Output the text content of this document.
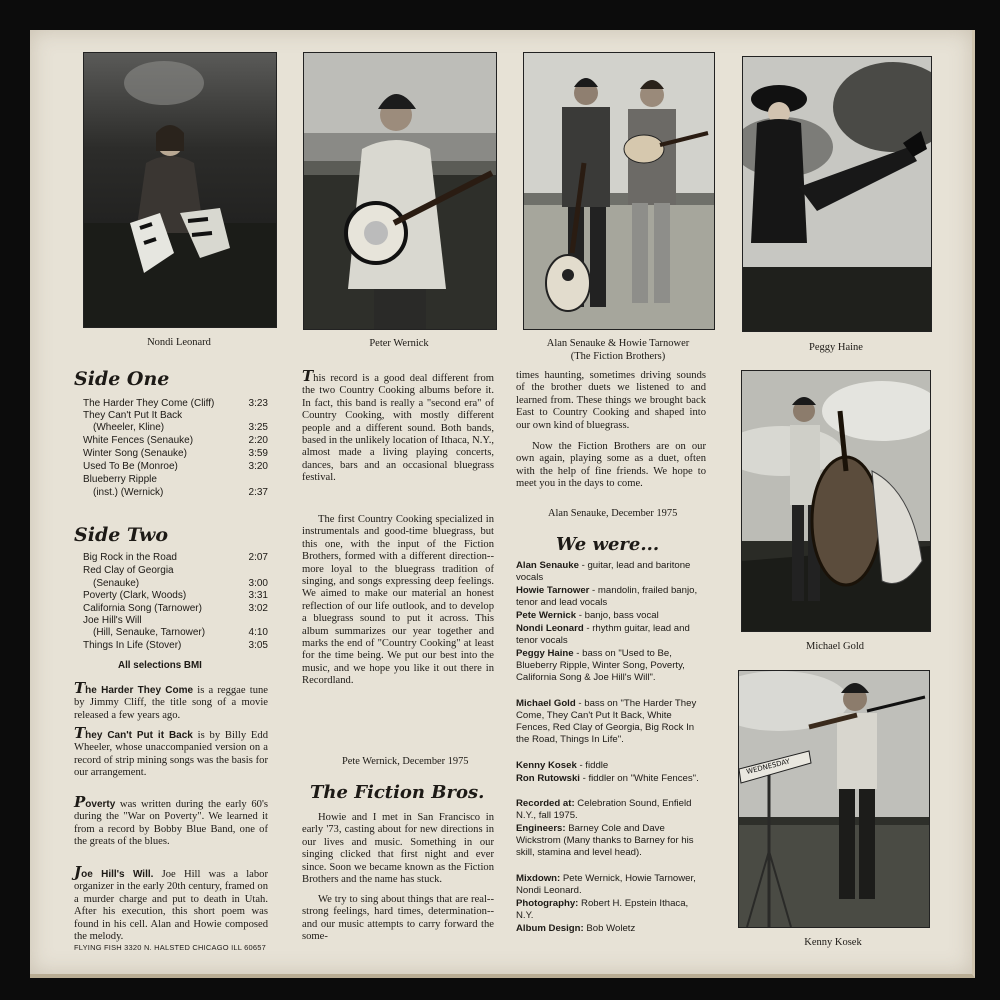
Nondi Leonard	Peter Wernick	Alan Senauke & Howie Tarnower
(The Fiction Brothers)
Peggy Haine
Michael Gold
WEDNESDAY
Kenny Kosek
Side One
The Harder They Come (Cliff)	3:23
They Can't Put It Back
(Wheeler, Kline)	3:25
White Fences (Senauke)	2:20
Winter Song (Senauke)	3:59
Used To Be (Monroe)	3:20
Blueberry Ripple
(inst.) (Wernick)	2:37
Side Two
Big Rock in the Road	2:07
Red Clay of Georgia
(Senauke)	3:00
Poverty (Clark, Woods)	3:31
California Song (Tarnower)	3:02
Joe Hill's Will
(Hill, Senauke, Tarnower)	4:10
Things In Life (Stover)	3:05
All selections BMI
The Harder They Come is a reggae tune by Jimmy Cliff, the title song of a movie released a few years ago.
They Can't Put it Back is by Billy Edd Wheeler, whose unaccompanied version on a record of strip mining songs was the basis for our arrangement.
Poverty was written during the early 60's during the "War on Poverty". We learned it from a record by Bobby Blue Band, one of the greats of the blues.
Joe Hill's Will. Joe Hill was a labor organizer in the early 20th century, framed on a murder charge and put to death in Utah. After his execution, this short poem was found in his cell. Alan and Howie composed the melody.
FLYING FISH 3320 N. HALSTED CHICAGO ILL 60657
This record is a good deal different from the two Country Cooking albums before it. In fact, this band is really a "second era" of Country Cooking, with mostly different people and a different sound. Both bands, based in the unlikely location of Ithaca, N.Y., almost made a living playing concerts, dances, bars and an occasional bluegrass festival.
The first Country Cooking specialized in instrumentals and good-time bluegrass, but this one, with the input of the Fiction Brothers, formed with a different direction--more loyal to the bluegrass tradition of singing, and songs expressing deep feelings. We aimed to make our material an honest reflection of our life outlook, and to develop a bluegrass sound to put it across. This album summarizes our year together and marks the end of "Country Cooking" at least for the time being. We put our best into the music, and we hope you like it out there in Recordland.
Pete Wernick, December 1975
The Fiction Bros.
Howie and I met in San Francisco in early '73, casting about for new directions in our lives and music. Something in our singing clicked that first night and ever since. Soon we became known as the Fiction Brothers and the name has stuck.
We try to sing about things that are real--strong feelings, hard times, determination--and our music attempts to carry forward the some-
times haunting, sometimes driving sounds of the brother duets we listened to and learned from. These things we brought back East to Country Cooking and shaped into our own kind of bluegrass.
Now the Fiction Brothers are on our own again, playing some as a duet, often with the help of fine friends. We hope to meet you in the days to come.
Alan Senauke, December 1975
We were...
Alan Senauke - guitar, lead and baritone vocals
Howie Tarnower - mandolin, frailed banjo, tenor and lead vocals
Pete Wernick - banjo, bass vocal
Nondi Leonard - rhythm guitar, lead and tenor vocals
Peggy Haine - bass on "Used to Be, Blueberry Ripple, Winter Song, Poverty, California Song & Joe Hill's Will".
Michael Gold - bass on "The Harder They Come, They Can't Put It Back, White Fences, Red Clay of Georgia, Big Rock In the Road, Things In Life".
Kenny Kosek - fiddle
Ron Rutowski - fiddler on "White Fences".
Recorded at: Celebration Sound, Enfield N.Y., fall 1975.
Engineers: Barney Cole and Dave Wickstrom (Many thanks to Barney for his skill, stamina and level head).
Mixdown: Pete Wernick, Howie Tarnower, Nondi Leonard.
Photography: Robert H. Epstein Ithaca, N.Y.
Album Design: Bob Woletz
